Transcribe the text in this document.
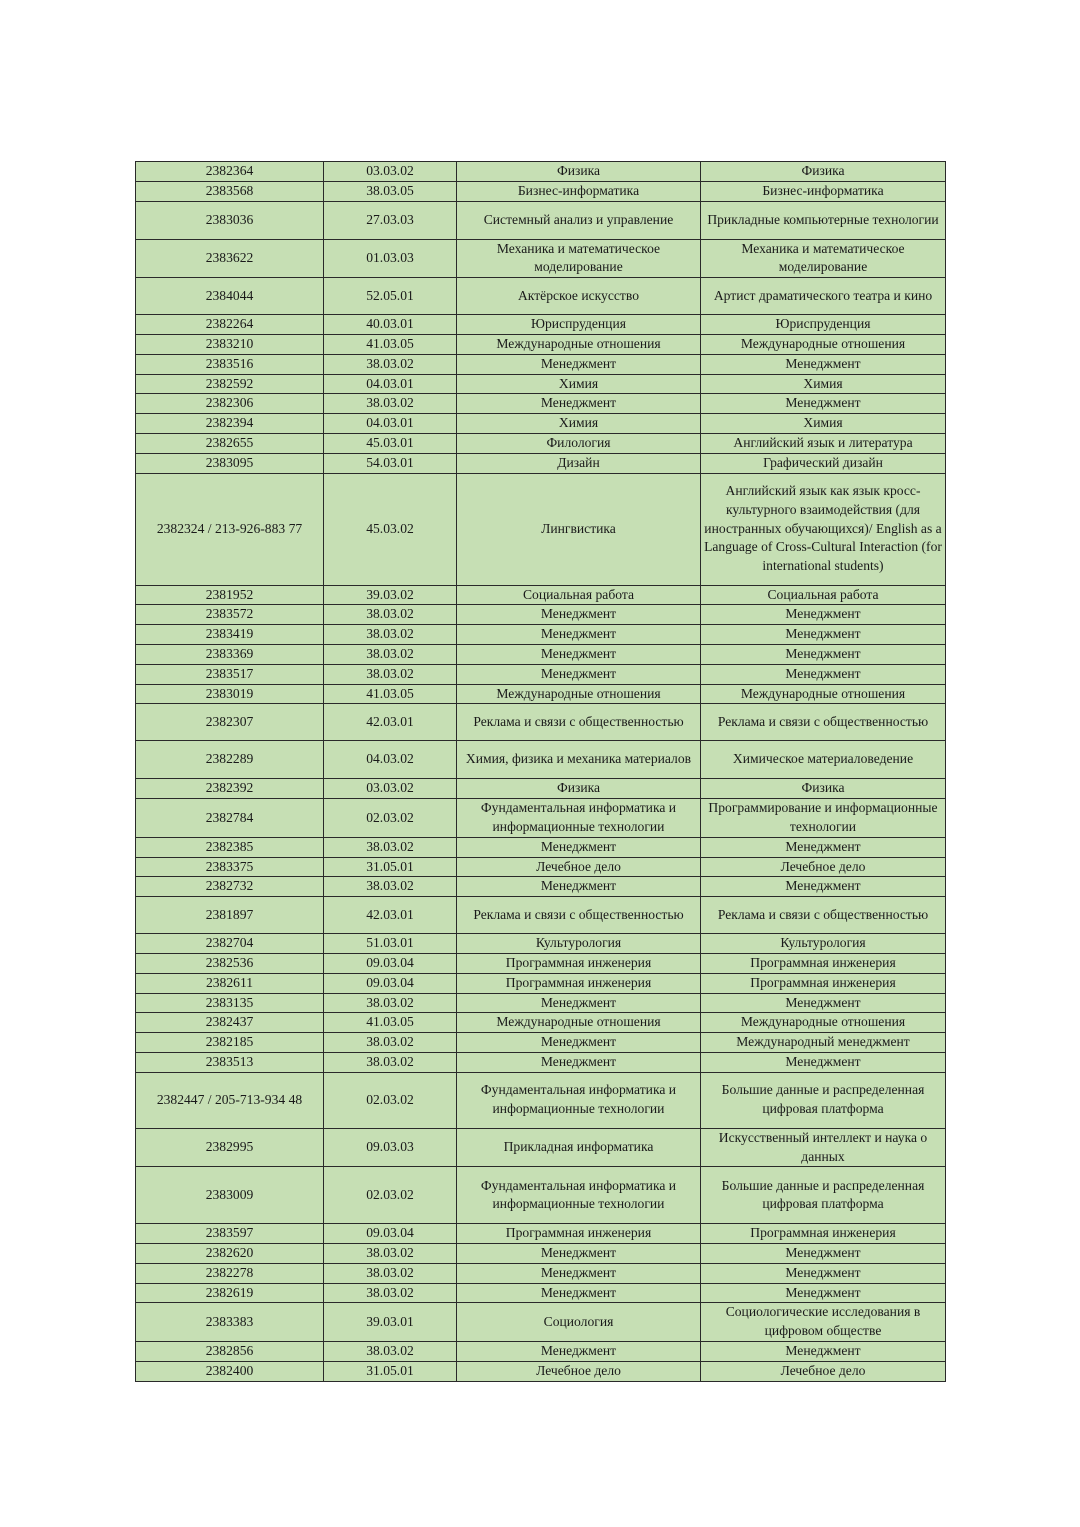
2382364	03.03.02	Физика	Физика
2383568	38.03.05	Бизнес-информатика	Бизнес-информатика
2383036	27.03.03	Системный анализ и управление	Прикладные компьютерные технологии
2383622	01.03.03	Механика и математическое моделирование	Механика и математическое моделирование
2384044	52.05.01	Актёрское искусство	Артист драматического театра и кино
2382264	40.03.01	Юриспруденция	Юриспруденция
2383210	41.03.05	Международные отношения	Международные отношения
2383516	38.03.02	Менеджмент	Менеджмент
2382592	04.03.01	Химия	Химия
2382306	38.03.02	Менеджмент	Менеджмент
2382394	04.03.01	Химия	Химия
2382655	45.03.01	Филология	Английский язык и литература
2383095	54.03.01	Дизайн	Графический дизайн
2382324 / 213-926-883 77	45.03.02	Лингвистика	Английский язык как язык кросс-культурного взаимодействия (для иностранных обучающихся)/ English as a Language of Cross-Cultural Interaction (for international students)
2381952	39.03.02	Социальная работа	Социальная работа
2383572	38.03.02	Менеджмент	Менеджмент
2383419	38.03.02	Менеджмент	Менеджмент
2383369	38.03.02	Менеджмент	Менеджмент
2383517	38.03.02	Менеджмент	Менеджмент
2383019	41.03.05	Международные отношения	Международные отношения
2382307	42.03.01	Реклама и связи с общественностью	Реклама и связи с общественностью
2382289	04.03.02	Химия, физика и механика материалов	Химическое материаловедение
2382392	03.03.02	Физика	Физика
2382784	02.03.02	Фундаментальная информатика и информационные технологии	Программирование и информационные технологии
2382385	38.03.02	Менеджмент	Менеджмент
2383375	31.05.01	Лечебное дело	Лечебное дело
2382732	38.03.02	Менеджмент	Менеджмент
2381897	42.03.01	Реклама и связи с общественностью	Реклама и связи с общественностью
2382704	51.03.01	Культурология	Культурология
2382536	09.03.04	Программная инженерия	Программная инженерия
2382611	09.03.04	Программная инженерия	Программная инженерия
2383135	38.03.02	Менеджмент	Менеджмент
2382437	41.03.05	Международные отношения	Международные отношения
2382185	38.03.02	Менеджмент	Международный менеджмент
2383513	38.03.02	Менеджмент	Менеджмент
2382447 / 205-713-934 48	02.03.02	Фундаментальная информатика и информационные технологии	Большие данные и распределенная цифровая платформа
2382995	09.03.03	Прикладная информатика	Искусственный интеллект и наука о данных
2383009	02.03.02	Фундаментальная информатика и информационные технологии	Большие данные и распределенная цифровая платформа
2383597	09.03.04	Программная инженерия	Программная инженерия
2382620	38.03.02	Менеджмент	Менеджмент
2382278	38.03.02	Менеджмент	Менеджмент
2382619	38.03.02	Менеджмент	Менеджмент
2383383	39.03.01	Социология	Социологические исследования в цифровом обществе
2382856	38.03.02	Менеджмент	Менеджмент
2382400	31.05.01	Лечебное дело	Лечебное дело
